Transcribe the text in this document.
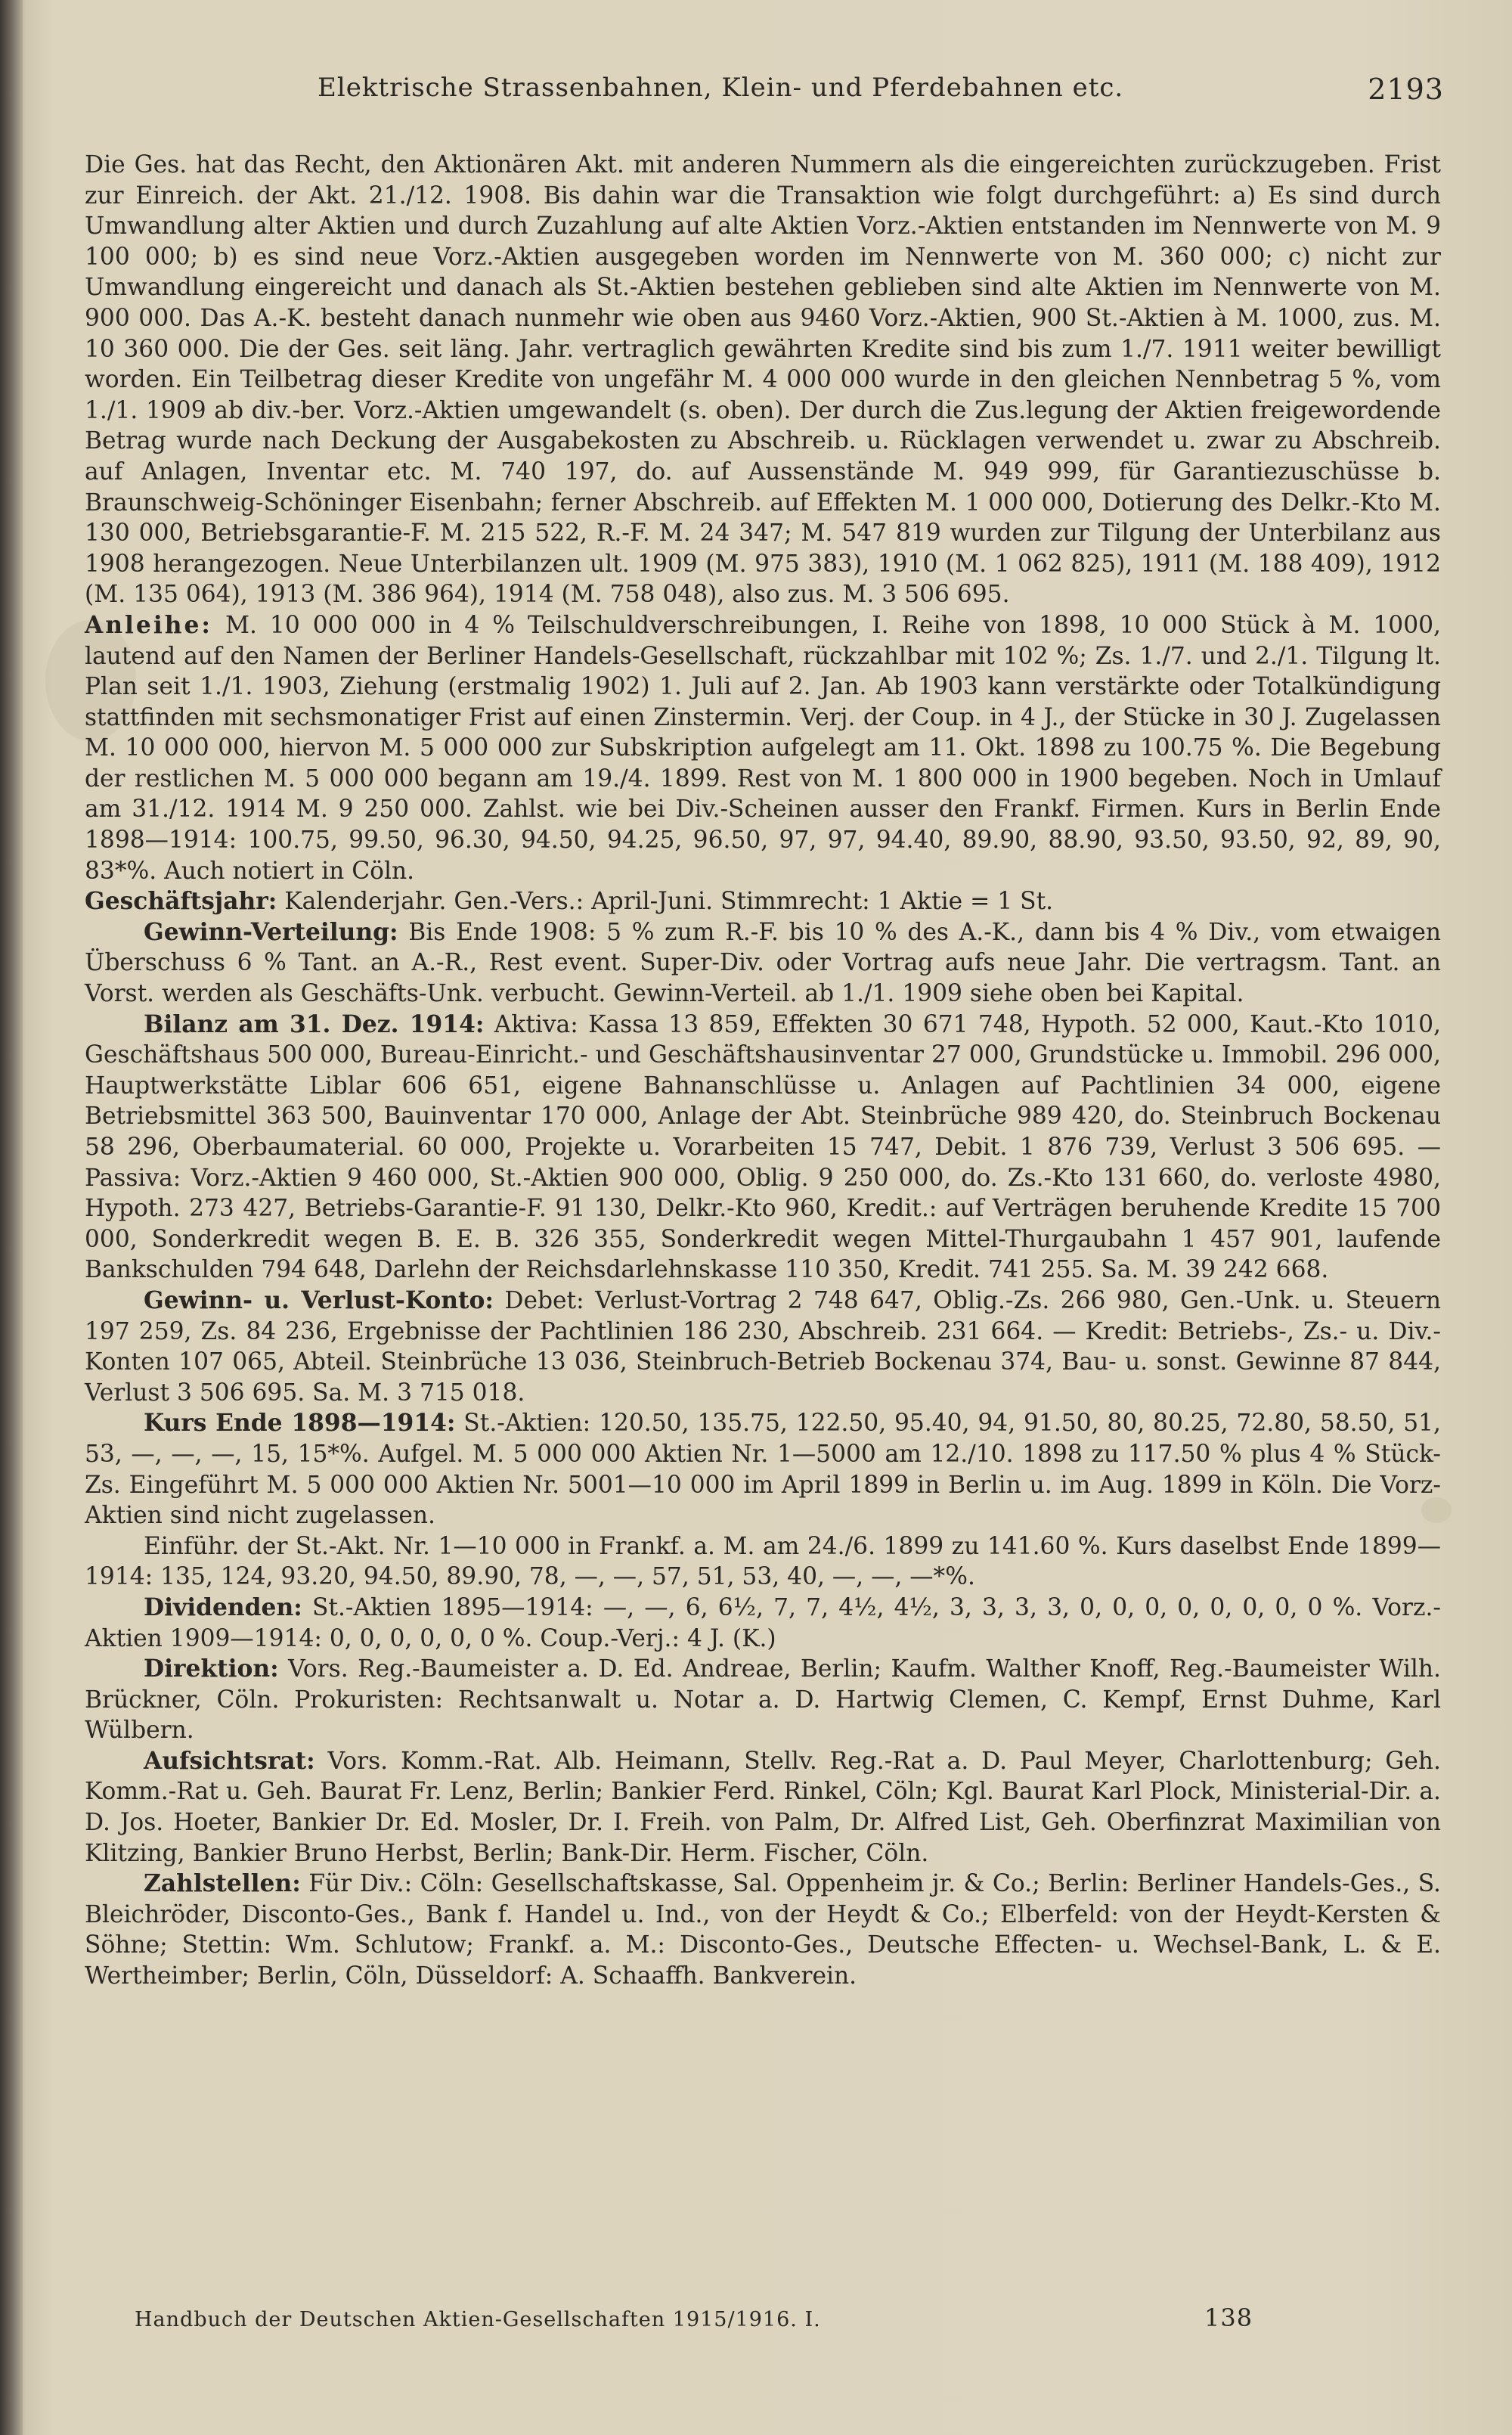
Elektrische Strassenbahnen, Klein- und Pferdebahnen etc.	2193

Die Ges. hat das Recht, den Aktionären Akt. mit anderen Nummern als die eingereichten zurückzugeben. Frist zur Einreich. der Akt. 21./12. 1908. Bis dahin war die Transaktion wie folgt durchgeführt: a) Es sind durch Umwandlung alter Aktien und durch Zuzahlung auf alte Aktien Vorz.-Aktien entstanden im Nennwerte von M. 9 100 000; b) es sind neue Vorz.-Aktien ausgegeben worden im Nennwerte von M. 360 000; c) nicht zur Umwandlung eingereicht und danach als St.-Aktien bestehen geblieben sind alte Aktien im Nennwerte von M. 900 000. Das A.-K. besteht danach nunmehr wie oben aus 9460 Vorz.-Aktien, 900 St.-Aktien à M. 1000, zus. M. 10 360 000. Die der Ges. seit läng. Jahr. vertraglich gewährten Kredite sind bis zum 1./7. 1911 weiter bewilligt worden. Ein Teilbetrag dieser Kredite von ungefähr M. 4 000 000 wurde in den gleichen Nennbetrag 5 %, vom 1./1. 1909 ab div.-ber. Vorz.-Aktien umgewandelt (s. oben). Der durch die Zus.legung der Aktien freigewordende Betrag wurde nach Deckung der Ausgabekosten zu Abschreib. u. Rücklagen verwendet u. zwar zu Abschreib. auf Anlagen, Inventar etc. M. 740 197, do. auf Aussenstände M. 949 999, für Garantiezuschüsse b. Braunschweig-Schöninger Eisenbahn; ferner Abschreib. auf Effekten M. 1 000 000, Dotierung des Delkr.-Kto M. 130 000, Betriebsgarantie-F. M. 215 522, R.-F. M. 24 347; M. 547 819 wurden zur Tilgung der Unterbilanz aus 1908 herangezogen. Neue Unterbilanzen ult. 1909 (M. 975 383), 1910 (M. 1 062 825), 1911 (M. 188 409), 1912 (M. 135 064), 1913 (M. 386 964), 1914 (M. 758 048), also zus. M. 3 506 695.

Anleihe: M. 10 000 000 in 4 % Teilschuldverschreibungen, I. Reihe von 1898, 10 000 Stück à M. 1000, lautend auf den Namen der Berliner Handels-Gesellschaft, rückzahlbar mit 102 %; Zs. 1./7. und 2./1. Tilgung lt. Plan seit 1./1. 1903, Ziehung (erstmalig 1902) 1. Juli auf 2. Jan. Ab 1903 kann verstärkte oder Totalkündigung stattfinden mit sechsmonatiger Frist auf einen Zinstermin. Verj. der Coup. in 4 J., der Stücke in 30 J. Zugelassen M. 10 000 000, hiervon M. 5 000 000 zur Subskription aufgelegt am 11. Okt. 1898 zu 100.75 %. Die Begebung der restlichen M. 5 000 000 begann am 19./4. 1899. Rest von M. 1 800 000 in 1900 begeben. Noch in Umlauf am 31./12. 1914 M. 9 250 000. Zahlst. wie bei Div.-Scheinen ausser den Frankf. Firmen. Kurs in Berlin Ende 1898—1914: 100.75, 99.50, 96.30, 94.50, 94.25, 96.50, 97, 97, 94.40, 89.90, 88.90, 93.50, 93.50, 92, 89, 90, 83*%. Auch notiert in Cöln.

Geschäftsjahr: Kalenderjahr. Gen.-Vers.: April-Juni. Stimmrecht: 1 Aktie = 1 St.

Gewinn-Verteilung: Bis Ende 1908: 5 % zum R.-F. bis 10 % des A.-K., dann bis 4 % Div., vom etwaigen Überschuss 6 % Tant. an A.-R., Rest event. Super-Div. oder Vortrag aufs neue Jahr. Die vertragsm. Tant. an Vorst. werden als Geschäfts-Unk. verbucht. Gewinn-Verteil. ab 1./1. 1909 siehe oben bei Kapital.

Bilanz am 31. Dez. 1914: Aktiva: Kassa 13 859, Effekten 30 671 748, Hypoth. 52 000, Kaut.-Kto 1010, Geschäftshaus 500 000, Bureau-Einricht.- und Geschäftshausinventar 27 000, Grundstücke u. Immobil. 296 000, Hauptwerkstätte Liblar 606 651, eigene Bahnanschlüsse u. Anlagen auf Pachtlinien 34 000, eigene Betriebsmittel 363 500, Bauinventar 170 000, Anlage der Abt. Steinbrüche 989 420, do. Steinbruch Bockenau 58 296, Oberbaumaterial. 60 000, Projekte u. Vorarbeiten 15 747, Debit. 1 876 739, Verlust 3 506 695. — Passiva: Vorz.-Aktien 9 460 000, St.-Aktien 900 000, Oblig. 9 250 000, do. Zs.-Kto 131 660, do. verloste 4980, Hypoth. 273 427, Betriebs-Garantie-F. 91 130, Delkr.-Kto 960, Kredit.: auf Verträgen beruhende Kredite 15 700 000, Sonderkredit wegen B. E. B. 326 355, Sonderkredit wegen Mittel-Thurgaubahn 1 457 901, laufende Bankschulden 794 648, Darlehn der Reichsdarlehnskasse 110 350, Kredit. 741 255. Sa. M. 39 242 668.

Gewinn- u. Verlust-Konto: Debet: Verlust-Vortrag 2 748 647, Oblig.-Zs. 266 980, Gen.-Unk. u. Steuern 197 259, Zs. 84 236, Ergebnisse der Pachtlinien 186 230, Abschreib. 231 664. — Kredit: Betriebs-, Zs.- u. Div.-Konten 107 065, Abteil. Steinbrüche 13 036, Steinbruch-Betrieb Bockenau 374, Bau- u. sonst. Gewinne 87 844, Verlust 3 506 695. Sa. M. 3 715 018.

Kurs Ende 1898—1914: St.-Aktien: 120.50, 135.75, 122.50, 95.40, 94, 91.50, 80, 80.25, 72.80, 58.50, 51, 53, —, —, —, 15, 15*%. Aufgel. M. 5 000 000 Aktien Nr. 1—5000 am 12./10. 1898 zu 117.50 % plus 4 % Stück-Zs. Eingeführt M. 5 000 000 Aktien Nr. 5001—10 000 im April 1899 in Berlin u. im Aug. 1899 in Köln. Die Vorz-Aktien sind nicht zugelassen.

Einführ. der St.-Akt. Nr. 1—10 000 in Frankf. a. M. am 24./6. 1899 zu 141.60 %. Kurs daselbst Ende 1899—1914: 135, 124, 93.20, 94.50, 89.90, 78, —, —, 57, 51, 53, 40, —, —, —*%.

Dividenden: St.-Aktien 1895—1914: —, —, 6, 6½, 7, 7, 4½, 4½, 3, 3, 3, 3, 0, 0, 0, 0, 0, 0, 0, 0 %. Vorz.-Aktien 1909—1914: 0, 0, 0, 0, 0, 0 %. Coup.-Verj.: 4 J. (K.)

Direktion: Vors. Reg.-Baumeister a. D. Ed. Andreae, Berlin; Kaufm. Walther Knoff, Reg.-Baumeister Wilh. Brückner, Cöln. Prokuristen: Rechtsanwalt u. Notar a. D. Hartwig Clemen, C. Kempf, Ernst Duhme, Karl Wülbern.

Aufsichtsrat: Vors. Komm.-Rat. Alb. Heimann, Stellv. Reg.-Rat a. D. Paul Meyer, Charlottenburg; Geh. Komm.-Rat u. Geh. Baurat Fr. Lenz, Berlin; Bankier Ferd. Rinkel, Cöln; Kgl. Baurat Karl Plock, Ministerial-Dir. a. D. Jos. Hoeter, Bankier Dr. Ed. Mosler, Dr. I. Freih. von Palm, Dr. Alfred List, Geh. Oberfinzrat Maximilian von Klitzing, Bankier Bruno Herbst, Berlin; Bank-Dir. Herm. Fischer, Cöln.

Zahlstellen: Für Div.: Cöln: Gesellschaftskasse, Sal. Oppenheim jr. & Co.; Berlin: Berliner Handels-Ges., S. Bleichröder, Disconto-Ges., Bank f. Handel u. Ind., von der Heydt & Co.; Elberfeld: von der Heydt-Kersten & Söhne; Stettin: Wm. Schlutow; Frankf. a. M.: Disconto-Ges., Deutsche Effecten- u. Wechsel-Bank, L. & E. Wertheimber; Berlin, Cöln, Düsseldorf: A. Schaaffh. Bankverein.

Handbuch der Deutschen Aktien-Gesellschaften 1915/1916. I.	138
